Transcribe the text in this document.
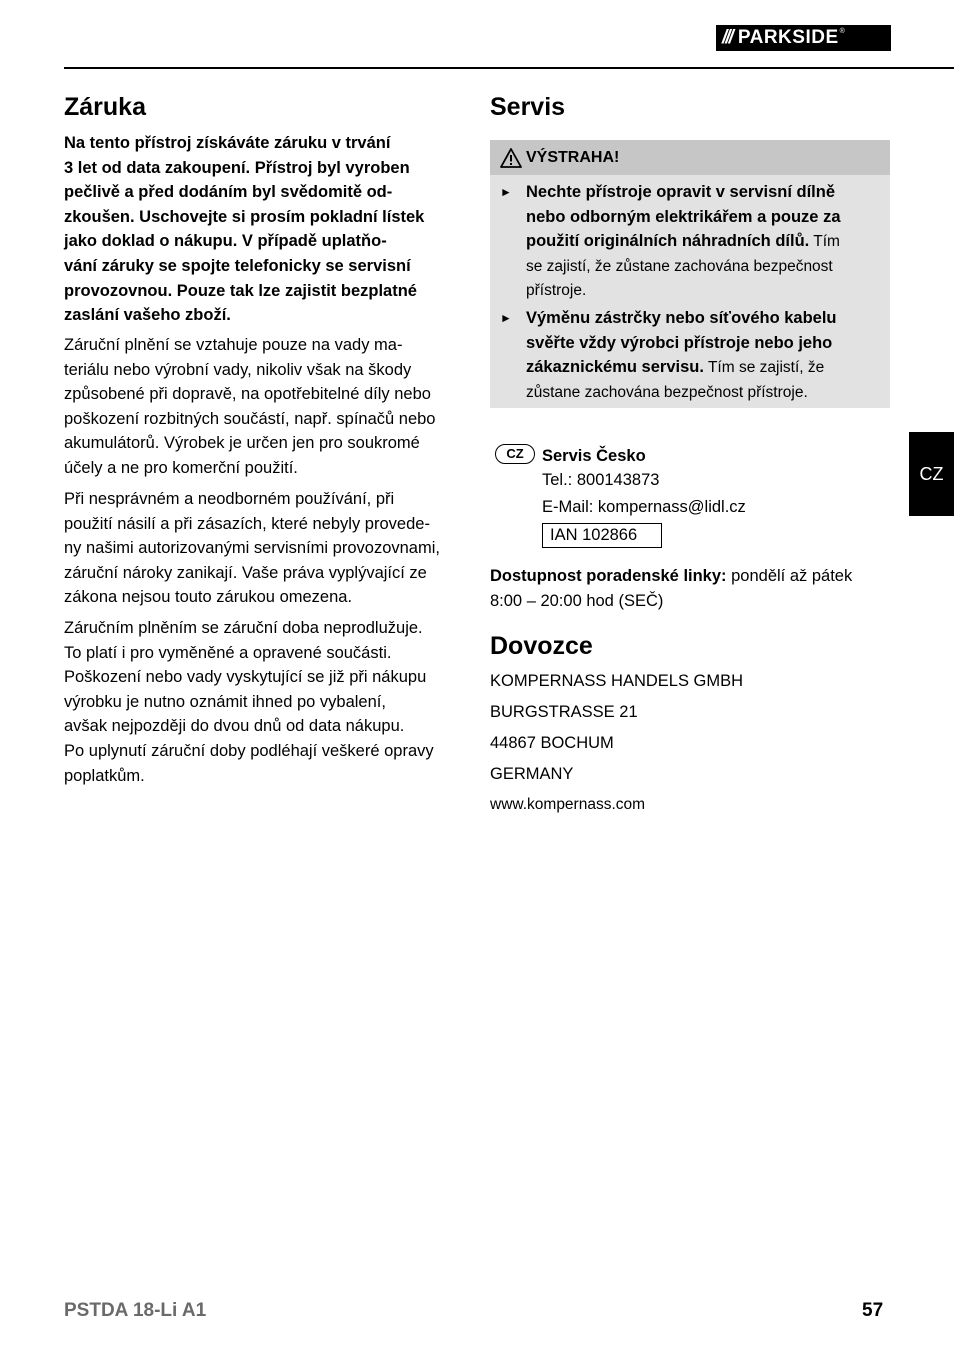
/// PARKSIDE ®
Záruka
Na tento přístroj získáváte záruku v trvání
3 let od data zakoupení. Přístroj byl vyroben
pečlivě a před dodáním byl svědomitě od-
zkoušen. Uschovejte si prosím pokladní lístek
jako doklad o nákupu. V případě uplatňo-
vání záruky se spojte telefonicky se servisní
provozovnou. Pouze tak lze zajistit bezplatné
zaslání vašeho zboží.
Záruční plnění se vztahuje pouze na vady ma-
teriálu nebo výrobní vady, nikoliv však na škody
způsobené při dopravě, na opotřebitelné díly nebo
poškození rozbitných součástí, např. spínačů nebo
akumulátorů. Výrobek je určen jen pro soukromé
účely a ne pro komerční použití.
Při nesprávném a neodborném používání, při
použití násilí a při zásazích, které nebyly provede-
ny našimi autorizovanými servisními provozovnami,
záruční nároky zanikají. Vaše práva vyplývající ze
zákona nejsou touto zárukou omezena.
Záručním plněním se záruční doba neprodlužuje.
To platí i pro vyměněné a opravené součásti.
Poškození nebo vady vyskytující se již při nákupu
výrobku je nutno oznámit ihned po vybalení,
avšak nejpozději do dvou dnů od data nákupu.
Po uplynutí záruční doby podléhají veškeré opravy
poplatkům.
Servis
VÝSTRAHA!
► Nechte přístroje opravit v servisní dílně
nebo odborným elektrikářem a pouze za
použití originálních náhradních dílů. Tím
se zajistí, že zůstane zachována bezpečnost
přístroje.
► Výměnu zástrčky nebo síťového kabelu
svěřte vždy výrobci přístroje nebo jeho
zákaznickému servisu. Tím se zajistí, že
zůstane zachována bezpečnost přístroje.
CZ	Servis Česko
Tel.: 800143873
E-Mail: kompernass@lidl.cz
IAN 102866
Dostupnost poradenské linky: pondělí až pátek
8:00 – 20:00 hod (SEČ)
Dovozce
KOMPERNASS HANDELS GMBH
BURGSTRASSE 21
44867 BOCHUM
GERMANY
www.kompernass.com
CZ
PSTDA 18-Li A1	57
